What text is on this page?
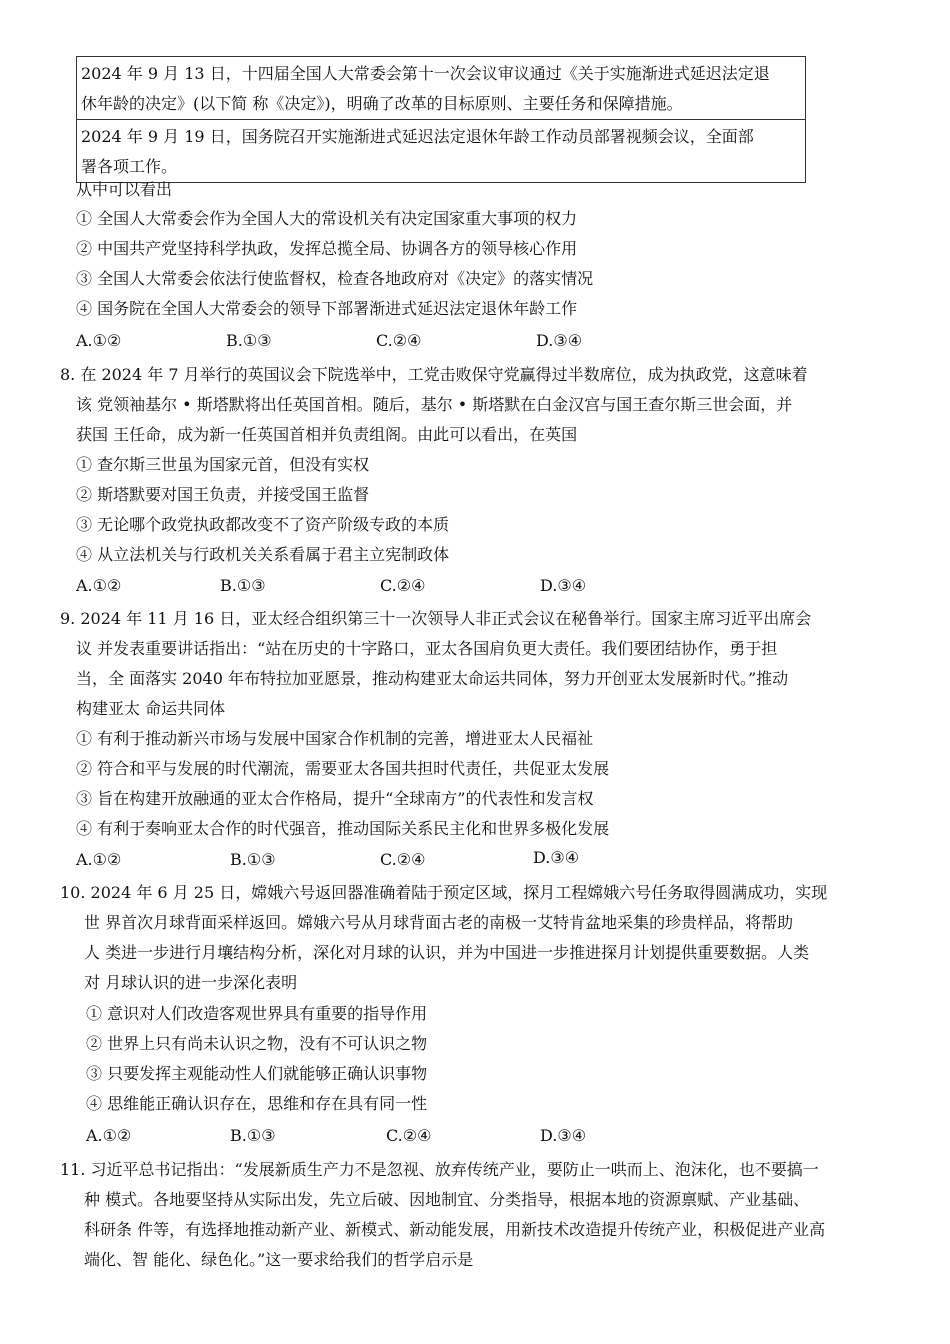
2024 年 9 月 13 日，十四届全国人大常委会第十一次会议审议通过《关于实施渐进式延迟法定退
休年龄的决定》(以下简 称《决定》)，明确了改革的目标原则、主要任务和保障措施。
2024 年 9 月 19 日，国务院召开实施渐进式延迟法定退休年龄工作动员部署视频会议，全面部
署各项工作。
从中可以看出
① 全国人大常委会作为全国人大的常设机关有决定国家重大事项的权力
② 中国共产党坚持科学执政，发挥总揽全局、协调各方的领导核心作用
③ 全国人大常委会依法行使监督权，检查各地政府对《决定》的落实情况
④ 国务院在全国人大常委会的领导下部署渐进式延迟法定退休年龄工作
A.①②	B.①③	C.②④	D.③④
8. 在 2024 年 7 月举行的英国议会下院选举中，工党击败保守党赢得过半数席位，成为执政党，这意味着
该 党领袖基尔 • 斯塔默将出任英国首相。随后，基尔 • 斯塔默在白金汉宫与国王查尔斯三世会面，并
获国 王任命，成为新一任英国首相并负责组阁。由此可以看出，在英国
① 查尔斯三世虽为国家元首，但没有实权
② 斯塔默要对国王负责，并接受国王监督
③ 无论哪个政党执政都改变不了资产阶级专政的本质
④ 从立法机关与行政机关关系看属于君主立宪制政体
A.①②	B.①③	C.②④	D.③④
9. 2024 年 11 月 16 日，亚太经合组织第三十一次领导人非正式会议在秘鲁举行。国家主席习近平出席会
议 并发表重要讲话指出：“站在历史的十字路口，亚太各国肩负更大责任。我们要团结协作，勇于担
当，全 面落实 2040 年布特拉加亚愿景，推动构建亚太命运共同体，努力开创亚太发展新时代。”推动
构建亚太 命运共同体
① 有利于推动新兴市场与发展中国家合作机制的完善，增进亚太人民福祉
② 符合和平与发展的时代潮流，需要亚太各国共担时代责任，共促亚太发展
③ 旨在构建开放融通的亚太合作格局，提升“全球南方”的代表性和发言权
④ 有利于奏响亚太合作的时代强音，推动国际关系民主化和世界多极化发展
A.①②	B.①③	C.②④	D.③④
10. 2024 年 6 月 25 日，嫦娥六号返回器准确着陆于预定区域，探月工程嫦娥六号任务取得圆满成功，实现
世 界首次月球背面采样返回。嫦娥六号从月球背面古老的南极一艾特肯盆地采集的珍贵样品，将帮助
人 类进一步进行月壤结构分析，深化对月球的认识，并为中国进一步推进探月计划提供重要数据。人类
对 月球认识的进一步深化表明
① 意识对人们改造客观世界具有重要的指导作用
② 世界上只有尚未认识之物，没有不可认识之物
③ 只要发挥主观能动性人们就能够正确认识事物
④ 思维能正确认识存在，思维和存在具有同一性
A.①②	B.①③	C.②④	D.③④
11. 习近平总书记指出：“发展新质生产力不是忽视、放弃传统产业，要防止一哄而上、泡沫化，也不要搞一
种 模式。各地要坚持从实际出发，先立后破、因地制宜、分类指导，根据本地的资源禀赋、产业基础、
科研条 件等，有选择地推动新产业、新模式、新动能发展，用新技术改造提升传统产业，积极促进产业高
端化、智 能化、绿色化。”这一要求给我们的哲学启示是
